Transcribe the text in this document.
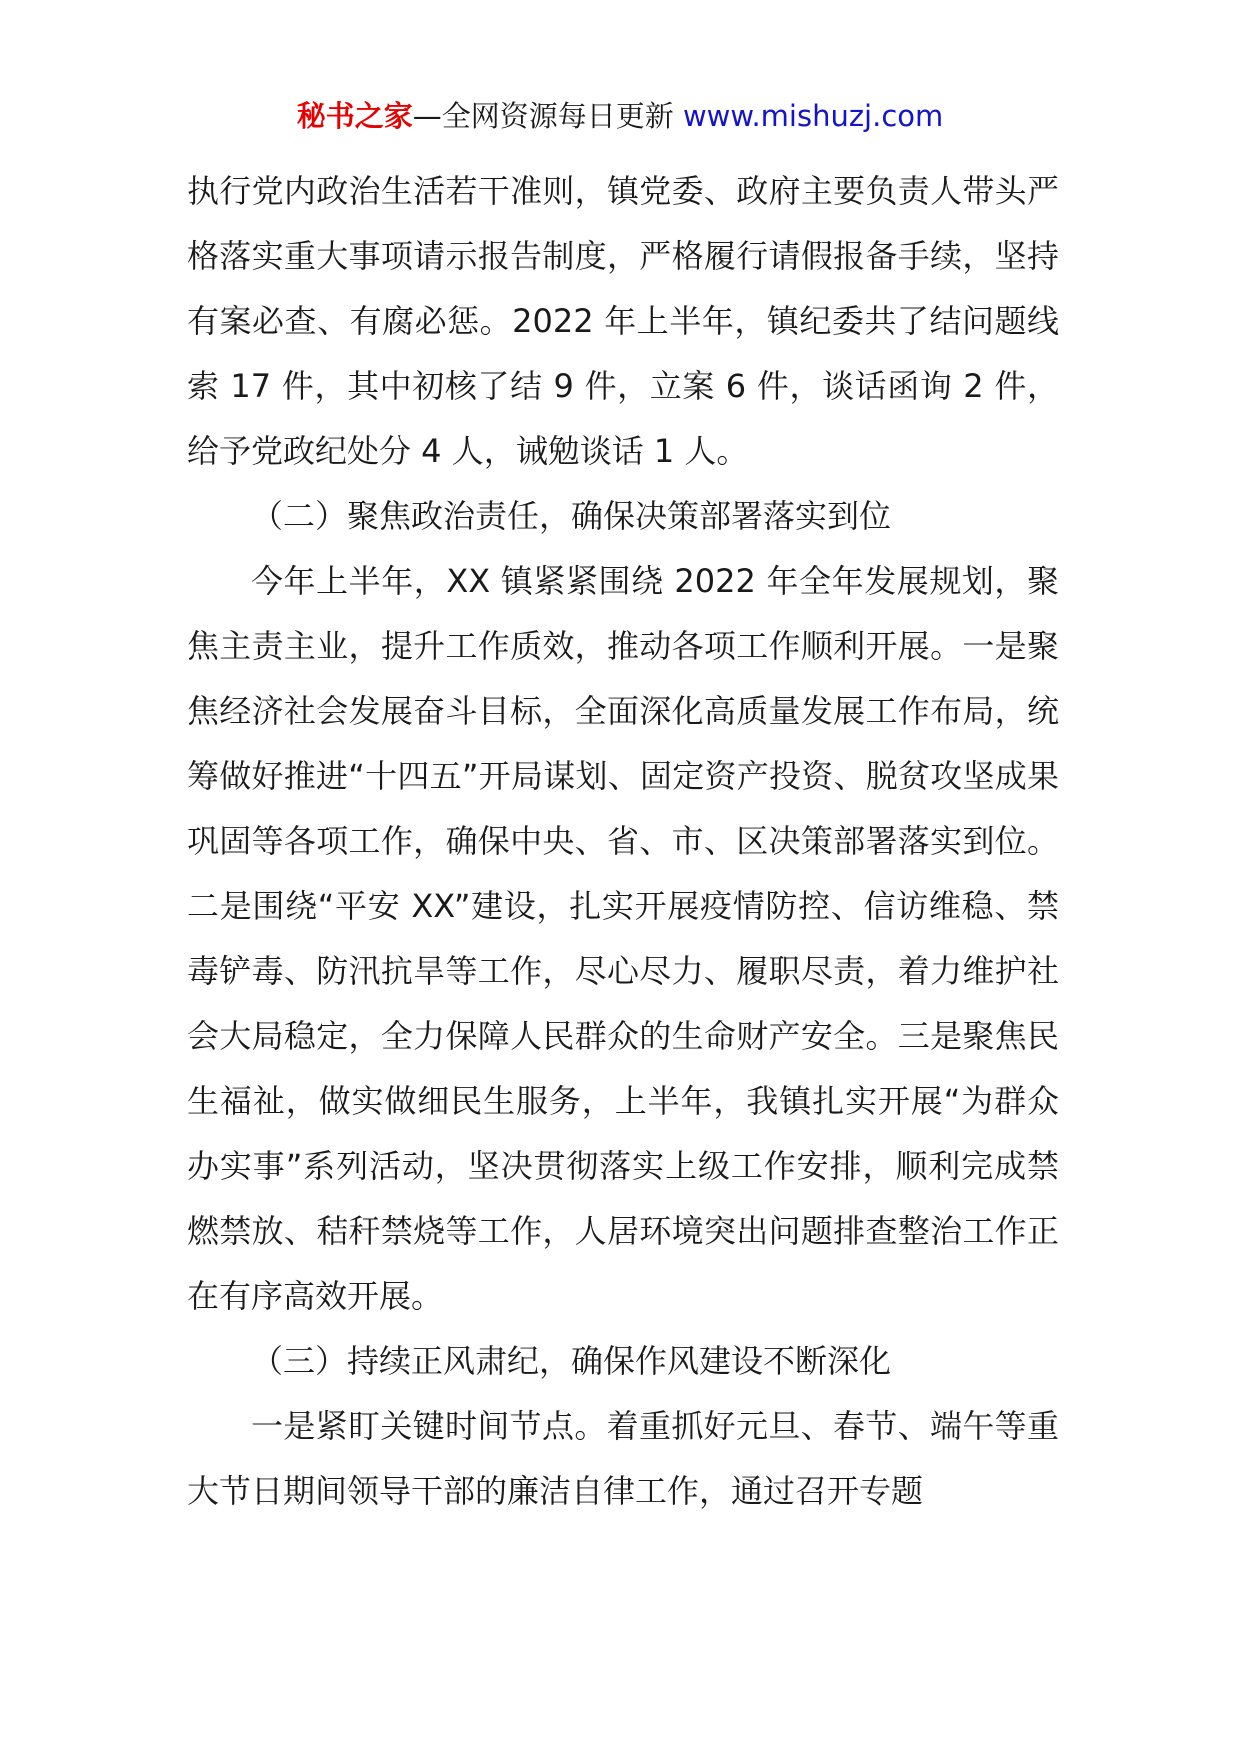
秘书之家—全网资源每日更新 www.mishuzj.com

执行党内政治生活若干准则，镇党委、政府主要负责人带头严格落实重大事项请示报告制度，严格履行请假报备手续，坚持有案必查、有腐必惩。2022 年上半年，镇纪委共了结问题线索 17 件，其中初核了结 9 件，立案 6 件，谈话函询 2 件，给予党政纪处分 4 人，诫勉谈话 1 人。

（二）聚焦政治责任，确保决策部署落实到位

今年上半年，XX 镇紧紧围绕 2022 年全年发展规划，聚焦主责主业，提升工作质效，推动各项工作顺利开展。一是聚焦经济社会发展奋斗目标，全面深化高质量发展工作布局，统筹做好推进“十四五”开局谋划、固定资产投资、脱贫攻坚成果巩固等各项工作，确保中央、省、市、区决策部署落实到位。二是围绕“平安 XX”建设，扎实开展疫情防控、信访维稳、禁毒铲毒、防汛抗旱等工作，尽心尽力、履职尽责，着力维护社会大局稳定，全力保障人民群众的生命财产安全。三是聚焦民生福祉，做实做细民生服务，上半年，我镇扎实开展“为群众办实事”系列活动，坚决贯彻落实上级工作安排，顺利完成禁燃禁放、秸秆禁烧等工作，人居环境突出问题排查整治工作正在有序高效开展。

（三）持续正风肃纪，确保作风建设不断深化

一是紧盯关键时间节点。着重抓好元旦、春节、端午等重大节日期间领导干部的廉洁自律工作，通过召开专题
